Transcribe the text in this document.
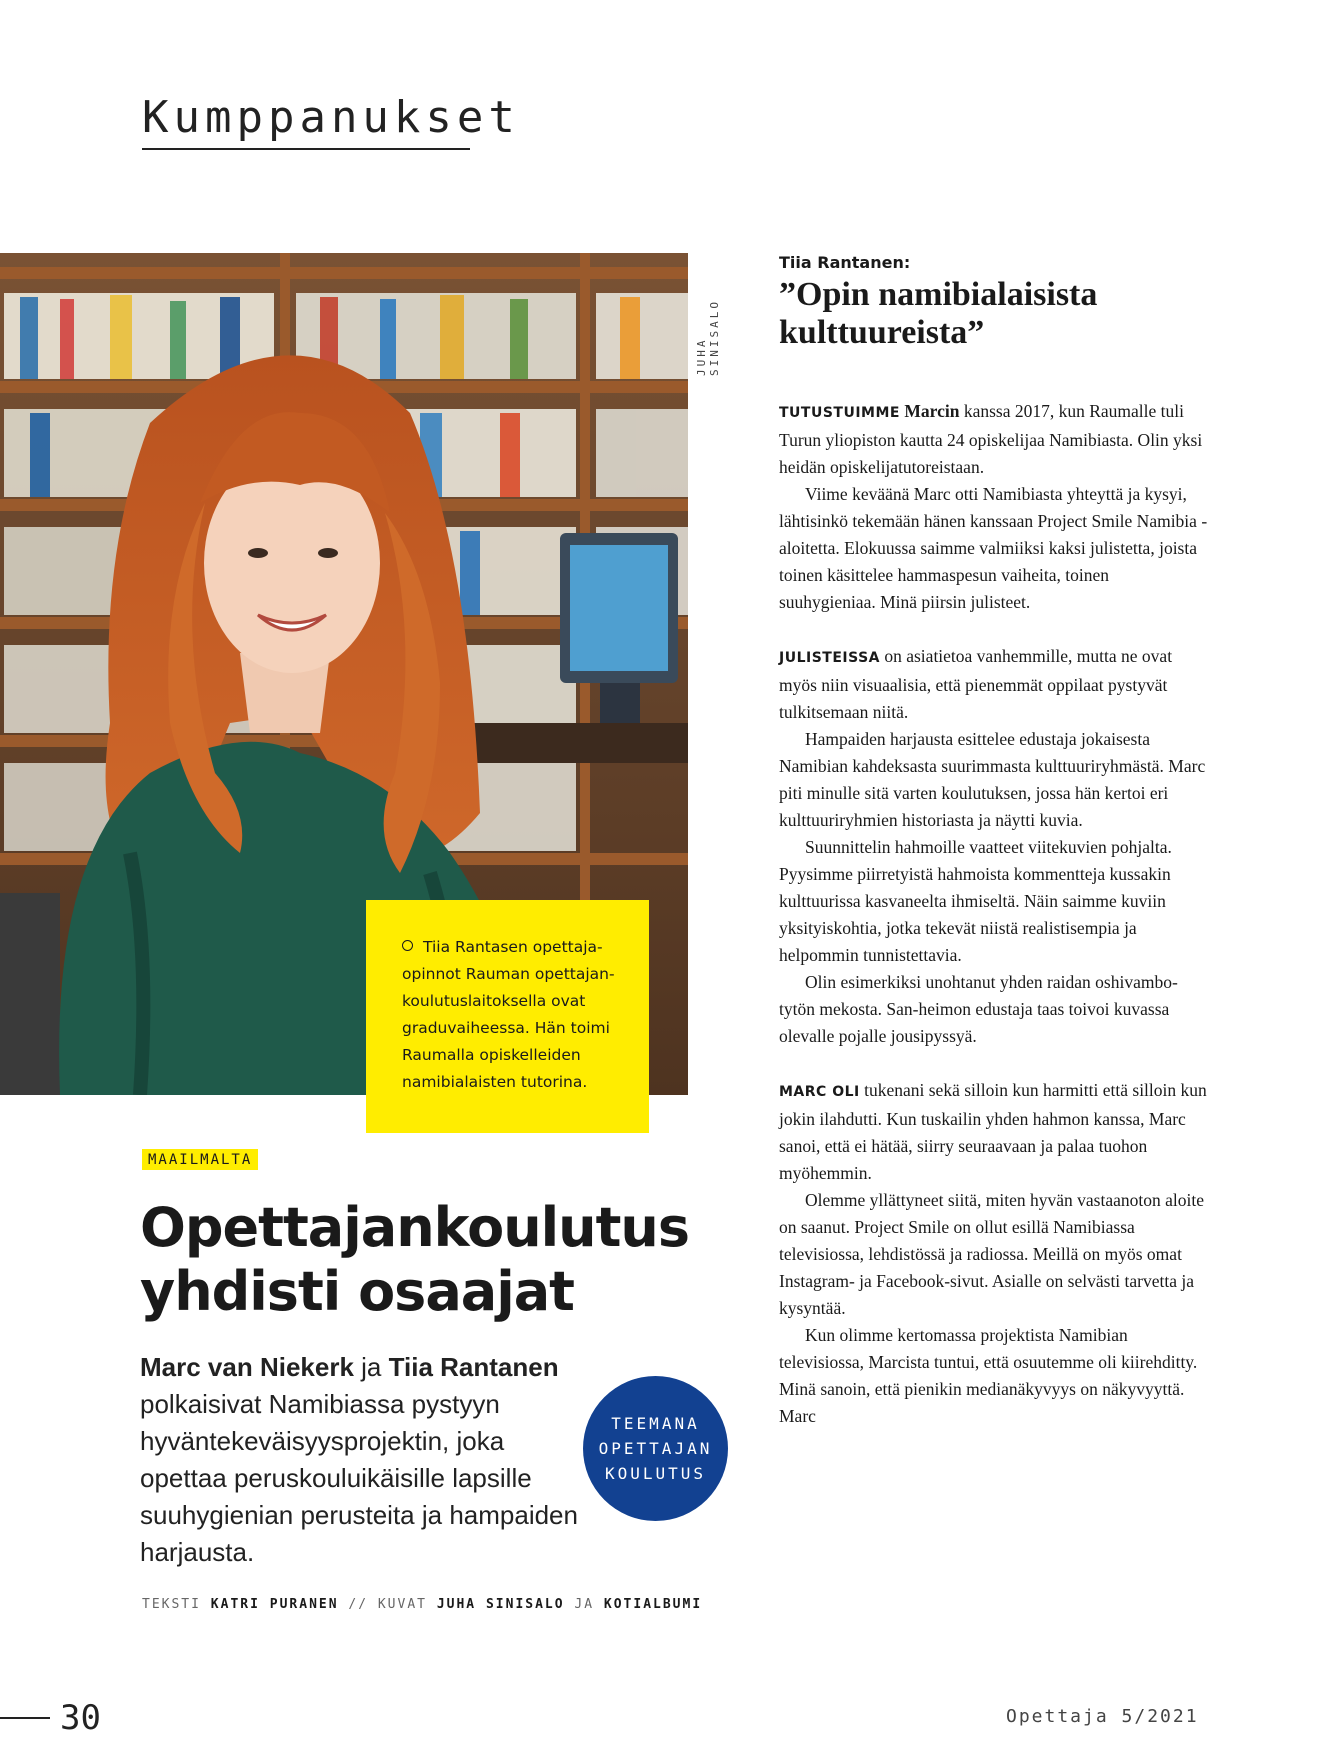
Kumppanukset
JUHA SINISALO

Tiia Rantasen opettaja-opinnot Rauman opettajan-koulutuslaitoksella ovat graduvaiheessa. Hän toimi Raumalla opiskelleiden namibialaisten tutorina.

MAAILMALTA
Opettajankoulutus
yhdisti osaajat

Marc van Niekerk ja Tiia Rantanen polkaisivat Namibiassa pystyyn hyväntekeväisyysprojektin, joka opettaa peruskouluikäisille lapsille suuhygienian perusteita ja hampaiden harjausta.

TEEMANA
OPETTAJAN
KOULUTUS
TEKSTI KATRI PURANEN // KUVAT JUHA SINISALO JA KOTIALBUMI

Tiia Rantanen:

”Opin namibialaisista kulttuureista”

TUTUSTUIMME Marcin kanssa 2017, kun Raumalle tuli Turun yliopiston kautta 24 opiskelijaa Namibiasta. Olin yksi heidän opiskelijatutoreistaan.

Viime keväänä Marc otti Namibiasta yhteyttä ja kysyi, lähtisinkö tekemään hänen kanssaan Project Smile Namibia -aloitetta. Elokuussa saimme valmiiksi kaksi julistetta, joista toinen käsittelee hammaspesun vaiheita, toinen suuhygieniaa. Minä piirsin julisteet.

JULISTEISSA on asiatietoa vanhemmille, mutta ne ovat myös niin visuaalisia, että pienemmät oppilaat pystyvät tulkitsemaan niitä.

Hampaiden harjausta esittelee edustaja jokaisesta Namibian kahdeksasta suurimmasta kulttuuriryhmästä. Marc piti minulle sitä varten koulutuksen, jossa hän kertoi eri kulttuuriryhmien historiasta ja näytti kuvia.

Suunnittelin hahmoille vaatteet viitekuvien pohjalta. Pyysimme piirretyistä hahmoista kommentteja kussakin kulttuurissa kasvaneelta ihmiseltä. Näin saimme kuviin yksityiskohtia, jotka tekevät niistä realistisempia ja helpommin tunnistettavia.

Olin esimerkiksi unohtanut yhden raidan oshivambo-tytön mekosta. San-heimon edustaja taas toivoi kuvassa olevalle pojalle jousipyssyä.

MARC OLI tukenani sekä silloin kun harmitti että silloin kun jokin ilahdutti. Kun tuskailin yhden hahmon kanssa, Marc sanoi, että ei hätää, siirry seuraavaan ja palaa tuohon myöhemmin.

Olemme yllättyneet siitä, miten hyvän vastaanoton aloite on saanut. Project Smile on ollut esillä Namibiassa televisiossa, lehdistössä ja radiossa. Meillä on myös omat Instagram- ja Facebook-sivut. Asialle on selvästi tarvetta ja kysyntää.

Kun olimme kertomassa projektista Namibian televisiossa, Marcista tuntui, että osuutemme oli kiirehditty. Minä sanoin, että pienikin medianäkyvyys on näkyvyyttä. Marc

30	Opettaja 5/2021
